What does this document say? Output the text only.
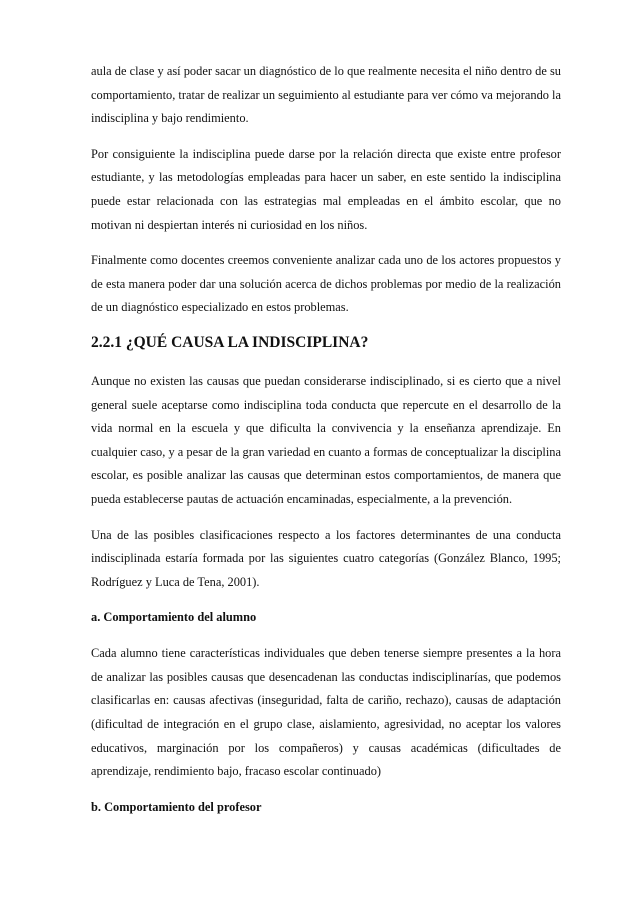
aula de clase y así poder sacar un diagnóstico de lo que realmente necesita el niño dentro de su comportamiento, tratar de realizar un seguimiento al estudiante para ver cómo va mejorando la indisciplina y bajo rendimiento.

Por consiguiente la indisciplina puede darse por la relación directa que existe entre profesor estudiante, y las metodologías empleadas para hacer un saber, en este sentido la indisciplina puede estar relacionada con las estrategias mal empleadas en el ámbito escolar, que no motivan ni despiertan interés ni curiosidad en los niños.

Finalmente como docentes creemos conveniente analizar cada uno de los actores propuestos y de esta manera poder dar una solución acerca de dichos problemas por medio de la realización de un diagnóstico especializado en estos problemas.

2.2.1 ¿QUÉ CAUSA LA INDISCIPLINA?

Aunque no existen las causas que puedan considerarse indisciplinado, si es cierto que a nivel general suele aceptarse como indisciplina toda conducta que repercute en el desarrollo de la vida normal en la escuela y que dificulta la convivencia y la enseñanza aprendizaje. En cualquier caso, y a pesar de la gran variedad en cuanto a formas de conceptualizar la disciplina escolar, es posible analizar las causas que determinan estos comportamientos, de manera que pueda establecerse pautas de actuación encaminadas, especialmente, a la prevención.

Una de las posibles clasificaciones respecto a los factores determinantes de una conducta indisciplinada estaría formada por las siguientes cuatro categorías (González Blanco, 1995; Rodríguez y Luca de Tena, 2001).

a. Comportamiento del alumno

Cada alumno tiene características individuales que deben tenerse siempre presentes a la hora de analizar las posibles causas que desencadenan las conductas indisciplinarías, que podemos clasificarlas en: causas afectivas (inseguridad, falta de cariño, rechazo), causas de adaptación (dificultad de integración en el grupo clase, aislamiento, agresividad, no aceptar los valores educativos, marginación por los compañeros) y causas académicas (dificultades de aprendizaje, rendimiento bajo, fracaso escolar continuado)

b. Comportamiento del profesor
